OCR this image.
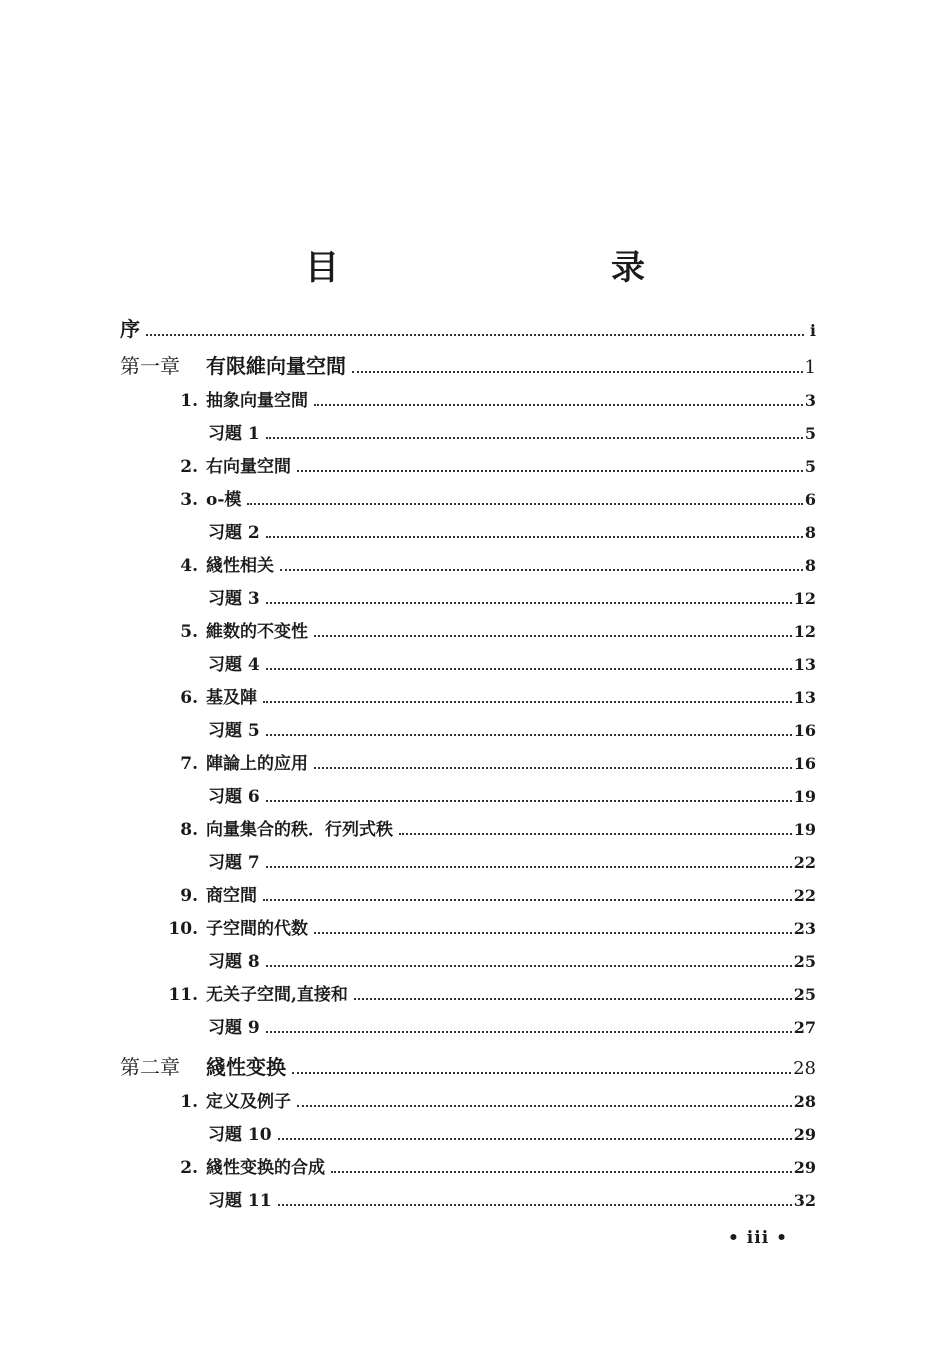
目　　录
序	i
第一章 有限維向量空間	1
1. 抽象向量空間	3
习題 1	5
2. 右向量空間	5
3. o-模	6
习題 2	8
4. 綫性相关	8
习題 3	12
5. 維数的不变性	12
习題 4	13
6. 基及陣	13
习題 5	16
7. 陣論上的应用	16
习題 6	19
8. 向量集合的秩．行列式秩	19
习題 7	22
9. 商空間	22
10. 子空間的代数	23
习題 8	25
11. 无关子空間,直接和	25
习題 9	27
第二章 綫性变换	28
1. 定义及例子	28
习題 10	29
2. 綫性变换的合成	29
习題 11	32
• iii •
